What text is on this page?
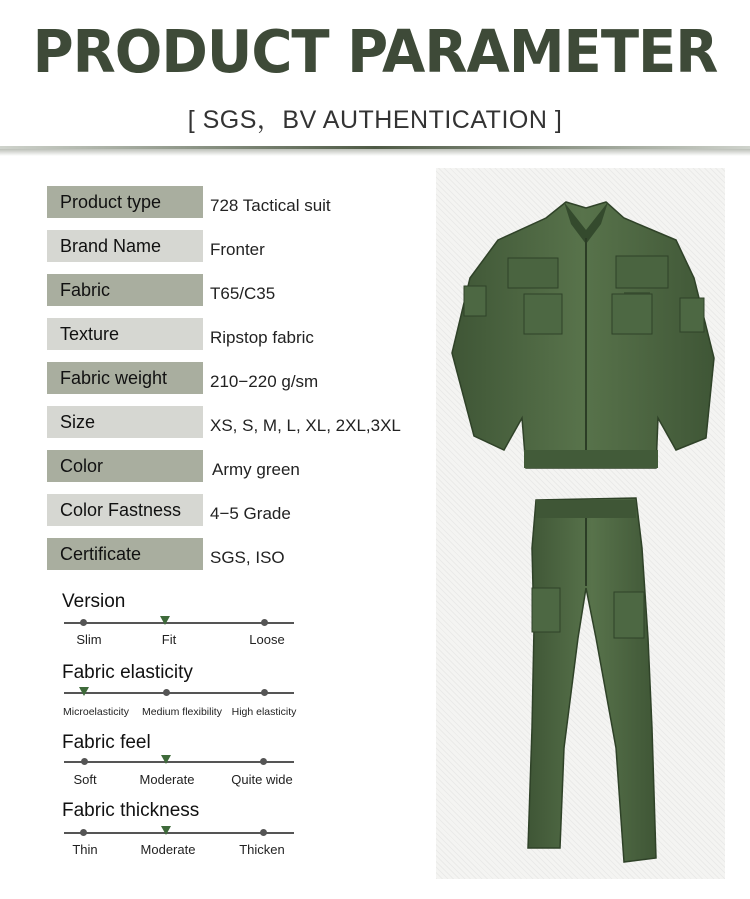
PRODUCT PARAMETER
[ SGS，BV AUTHENTICATION ]
Product type	728 Tactical suit
Brand Name	Fronter
Fabric	T65/C35
Texture	Ripstop fabric
Fabric weight	210−220 g/sm
Size	XS, S, M, L, XL, 2XL,3XL
Color	Army green
Color Fastness	4−5 Grade
Certificate	SGS, ISO
Version
Slim	Fit	Loose
Fabric elasticity
Microelasticity Medium flexibility High elasticity
Fabric feel
Soft	Moderate	Quite wide
Fabric thickness
Thin	Moderate	Thicken
